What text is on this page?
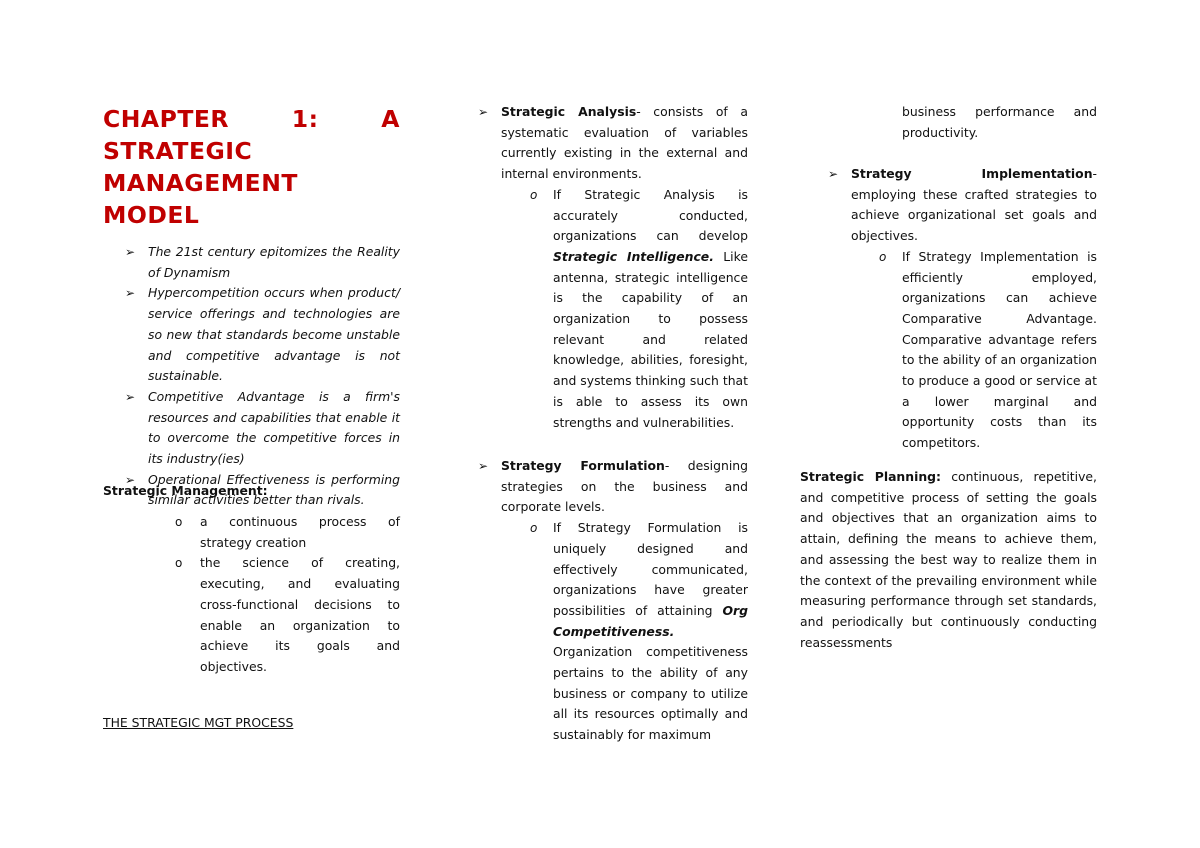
CHAPTER	1:	A
STRATEGIC
MANAGEMENT
MODEL
➢ The 21st century epitomizes the Reality of Dynamism
➢ Hypercompetition occurs when product/ service offerings and technologies are so new that standards become unstable and competitive advantage is not sustainable.
➢ Competitive Advantage is a firm's resources and capabilities that enable it to overcome the competitive forces in its industry(ies)
➢ Operational Effectiveness is performing similar activities better than rivals.
Strategic Management:
o a continuous process of strategy creation
o the science of creating, executing, and evaluating cross-functional decisions to enable an organization to achieve its goals and objectives.
THE STRATEGIC MGT PROCESS
➢ Strategic Analysis- consists of a systematic evaluation of variables currently existing in the external and internal environments.
o If Strategic Analysis is accurately conducted, organizations can develop Strategic Intelligence. Like antenna, strategic intelligence is the capability of an organization to possess relevant and related knowledge, abilities, foresight, and systems thinking such that is able to assess its own strengths and vulnerabilities.
➢ Strategy Formulation- designing strategies on the business and corporate levels.
o If Strategy Formulation is uniquely designed and effectively communicated, organizations have greater possibilities of attaining Org Competitiveness. Organization competitiveness pertains to the ability of any business or company to utilize all its resources optimally and sustainably for maximum
business performance and productivity.
➢ Strategy Implementation- employing these crafted strategies to achieve organizational set goals and objectives.
o If Strategy Implementation is efficiently employed, organizations can achieve Comparative Advantage. Comparative advantage refers to the ability of an organization to produce a good or service at a lower marginal and opportunity costs than its competitors.
Strategic Planning: continuous, repetitive, and competitive process of setting the goals and objectives that an organization aims to attain, defining the means to achieve them, and assessing the best way to realize them in the context of the prevailing environment while measuring performance through set standards, and periodically but continuously conducting reassessments
